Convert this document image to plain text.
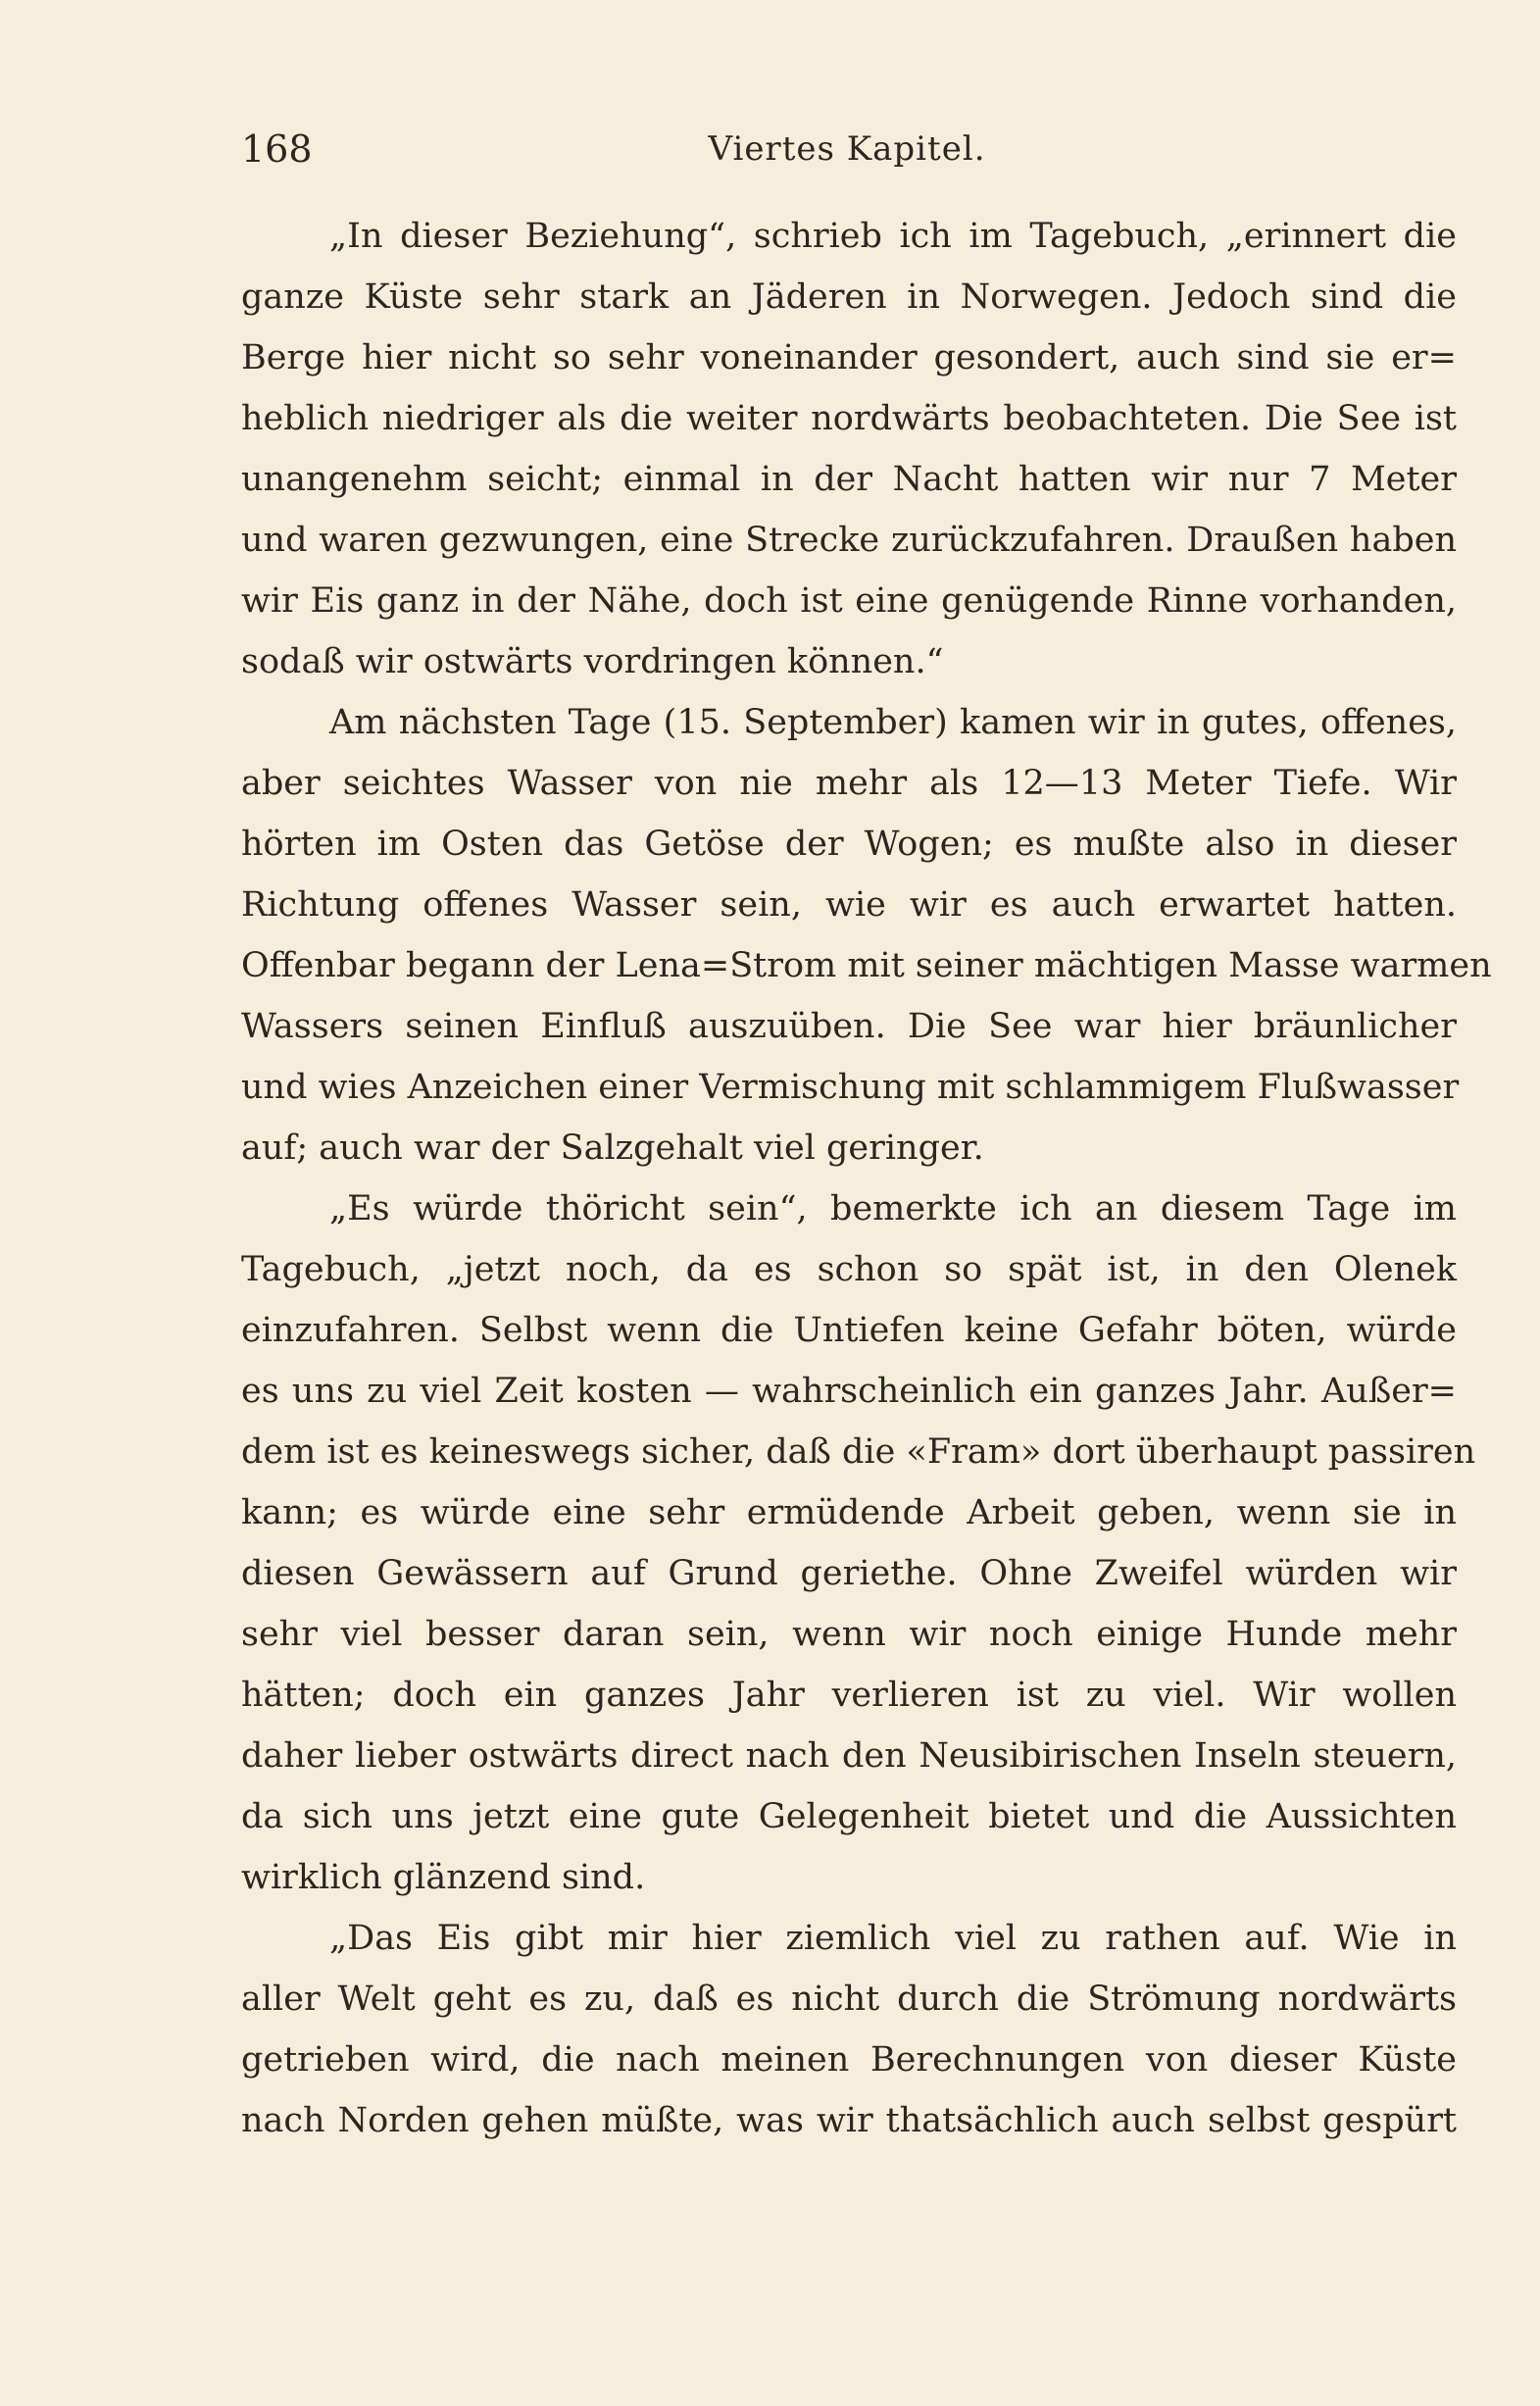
168	Viertes Kapitel.
„In dieser Beziehung“, schrieb ich im Tagebuch, „erinnert die
ganze Küste sehr stark an Jäderen in Norwegen. Jedoch sind die
Berge hier nicht so sehr voneinander gesondert, auch sind sie er=
heblich niedriger als die weiter nordwärts beobachteten. Die See ist
unangenehm seicht; einmal in der Nacht hatten wir nur 7 Meter
und waren gezwungen, eine Strecke zurückzufahren. Draußen haben
wir Eis ganz in der Nähe, doch ist eine genügende Rinne vorhanden,
sodaß wir ostwärts vordringen können.“
Am nächsten Tage (15. September) kamen wir in gutes, offenes,
aber seichtes Wasser von nie mehr als 12—13 Meter Tiefe. Wir
hörten im Osten das Getöse der Wogen; es mußte also in dieser
Richtung offenes Wasser sein, wie wir es auch erwartet hatten.
Offenbar begann der Lena=Strom mit seiner mächtigen Masse warmen
Wassers seinen Einfluß auszuüben. Die See war hier bräunlicher
und wies Anzeichen einer Vermischung mit schlammigem Flußwasser
auf; auch war der Salzgehalt viel geringer.
„Es würde thöricht sein“, bemerkte ich an diesem Tage im
Tagebuch, „jetzt noch, da es schon so spät ist, in den Olenek
einzufahren. Selbst wenn die Untiefen keine Gefahr böten, würde
es uns zu viel Zeit kosten — wahrscheinlich ein ganzes Jahr. Außer=
dem ist es keineswegs sicher, daß die «Fram» dort überhaupt passiren
kann; es würde eine sehr ermüdende Arbeit geben, wenn sie in
diesen Gewässern auf Grund geriethe. Ohne Zweifel würden wir
sehr viel besser daran sein, wenn wir noch einige Hunde mehr
hätten; doch ein ganzes Jahr verlieren ist zu viel. Wir wollen
daher lieber ostwärts direct nach den Neusibirischen Inseln steuern,
da sich uns jetzt eine gute Gelegenheit bietet und die Aussichten
wirklich glänzend sind.
„Das Eis gibt mir hier ziemlich viel zu rathen auf. Wie in
aller Welt geht es zu, daß es nicht durch die Strömung nordwärts
getrieben wird, die nach meinen Berechnungen von dieser Küste
nach Norden gehen müßte, was wir thatsächlich auch selbst gespürt
